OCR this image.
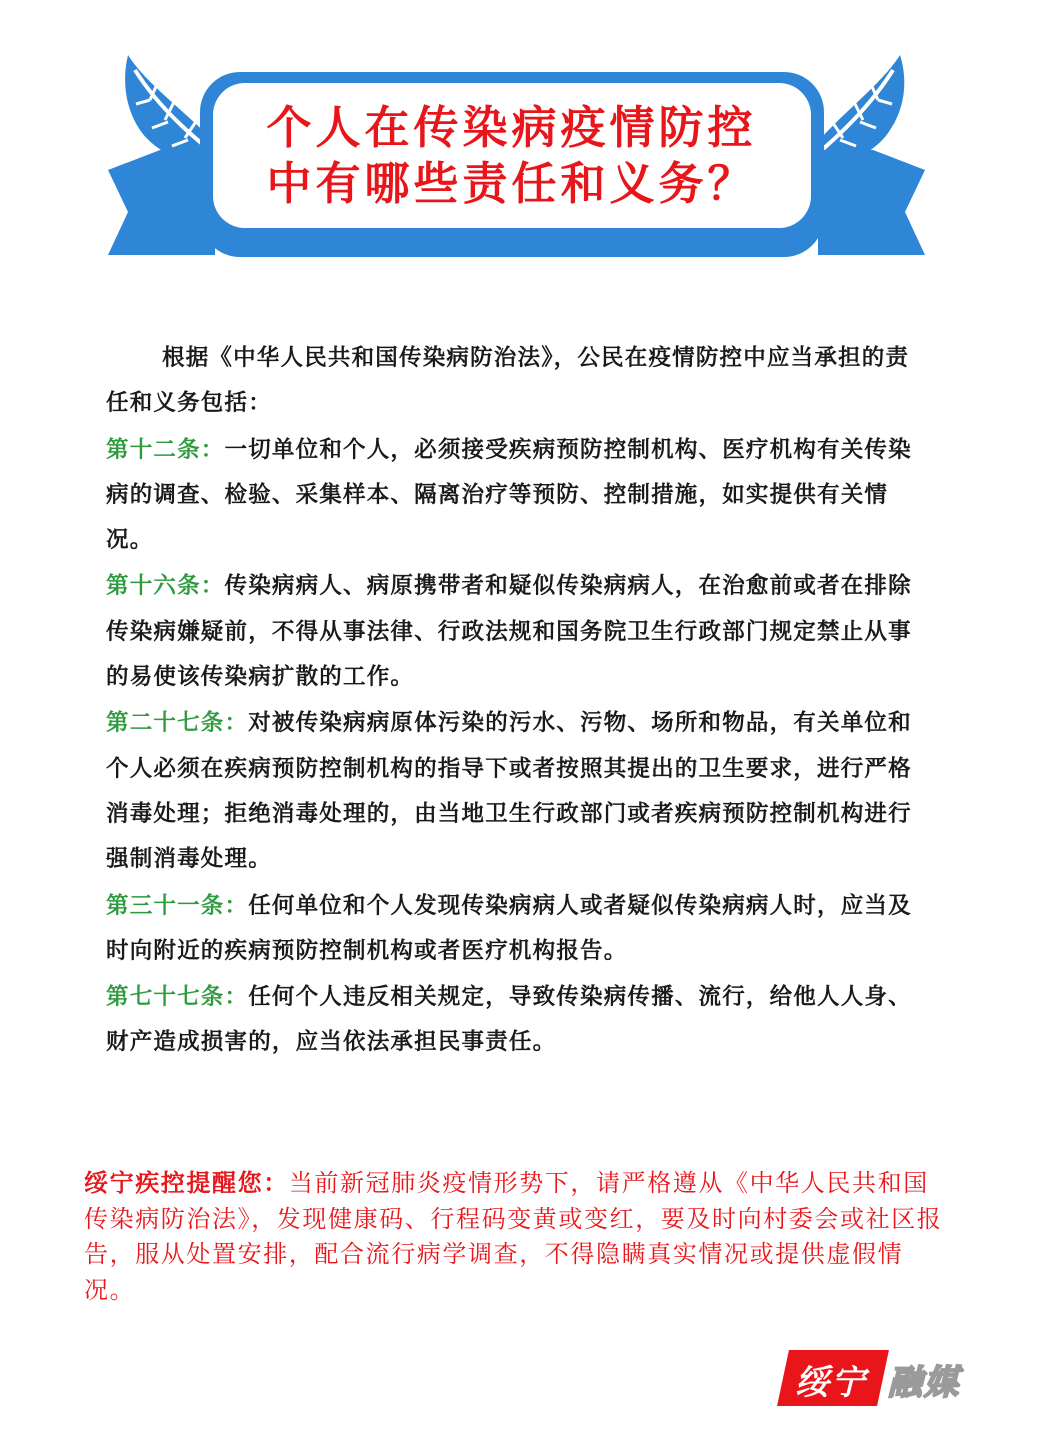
个人在传染病疫情防控
中有哪些责任和义务？

根据《中华人民共和国传染病防治法》，公民在疫情防控中应当承担的责任和义务包括：

第十二条：一切单位和个人，必须接受疾病预防控制机构、医疗机构有关传染病的调查、检验、采集样本、隔离治疗等预防、控制措施，如实提供有关情况。

第十六条：传染病病人、病原携带者和疑似传染病病人，在治愈前或者在排除传染病嫌疑前，不得从事法律、行政法规和国务院卫生行政部门规定禁止从事的易使该传染病扩散的工作。

第二十七条：对被传染病病原体污染的污水、污物、场所和物品，有关单位和个人必须在疾病预防控制机构的指导下或者按照其提出的卫生要求，进行严格消毒处理；拒绝消毒处理的，由当地卫生行政部门或者疾病预防控制机构进行强制消毒处理。

第三十一条：任何单位和个人发现传染病病人或者疑似传染病病人时，应当及时向附近的疾病预防控制机构或者医疗机构报告。

第七十七条：任何个人违反相关规定，导致传染病传播、流行，给他人人身、财产造成损害的，应当依法承担民事责任。

绥宁疾控提醒您：当前新冠肺炎疫情形势下，请严格遵从《中华人民共和国传染病防治法》，发现健康码、行程码变黄或变红，要及时向村委会或社区报告，服从处置安排，配合流行病学调查，不得隐瞒真实情况或提供虚假情况。
绥宁 融媒
